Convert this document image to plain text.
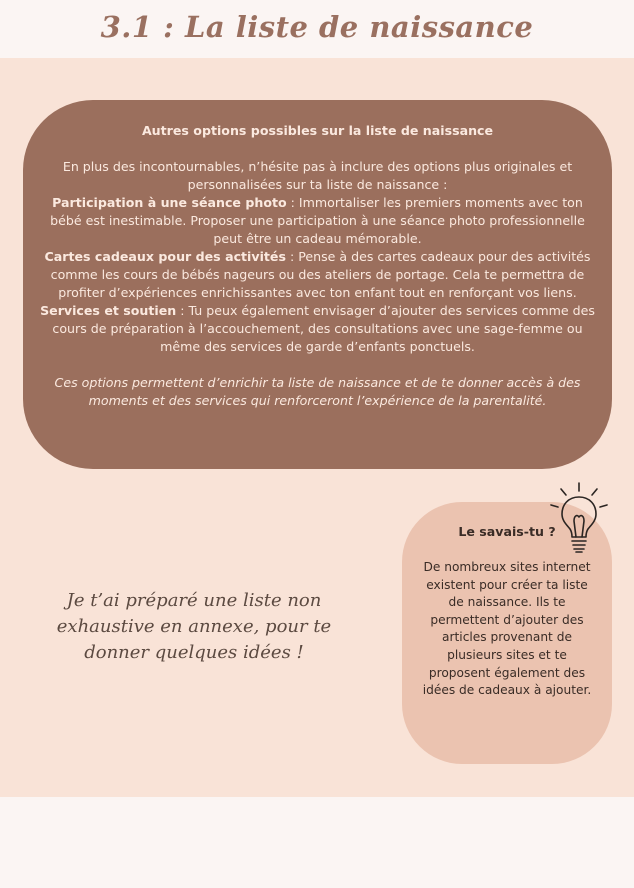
3.1 : La liste de naissance

Autres options possibles sur la liste de naissance

En plus des incontournables, n’hésite pas à inclure des options plus originales et personnalisées sur ta liste de naissance :

Participation à une séance photo : Immortaliser les premiers moments avec ton bébé est inestimable. Proposer une participation à une séance photo professionnelle peut être un cadeau mémorable.

Cartes cadeaux pour des activités : Pense à des cartes cadeaux pour des activités comme les cours de bébés nageurs ou des ateliers de portage. Cela te permettra de profiter d’expériences enrichissantes avec ton enfant tout en renforçant vos liens.

Services et soutien : Tu peux également envisager d’ajouter des services comme des cours de préparation à l’accouchement, des consultations avec une sage-femme ou même des services de garde d’enfants ponctuels.

Ces options permettent d’enrichir ta liste de naissance et de te donner accès à des moments et des services qui renforceront l’expérience de la parentalité.

Je t’ai préparé une liste non exhaustive en annexe, pour te donner quelques idées !

Le savais-tu ?

De nombreux sites internet existent pour créer ta liste de naissance. Ils te permettent d’ajouter des articles provenant de plusieurs sites et te proposent également des idées de cadeaux à ajouter.
